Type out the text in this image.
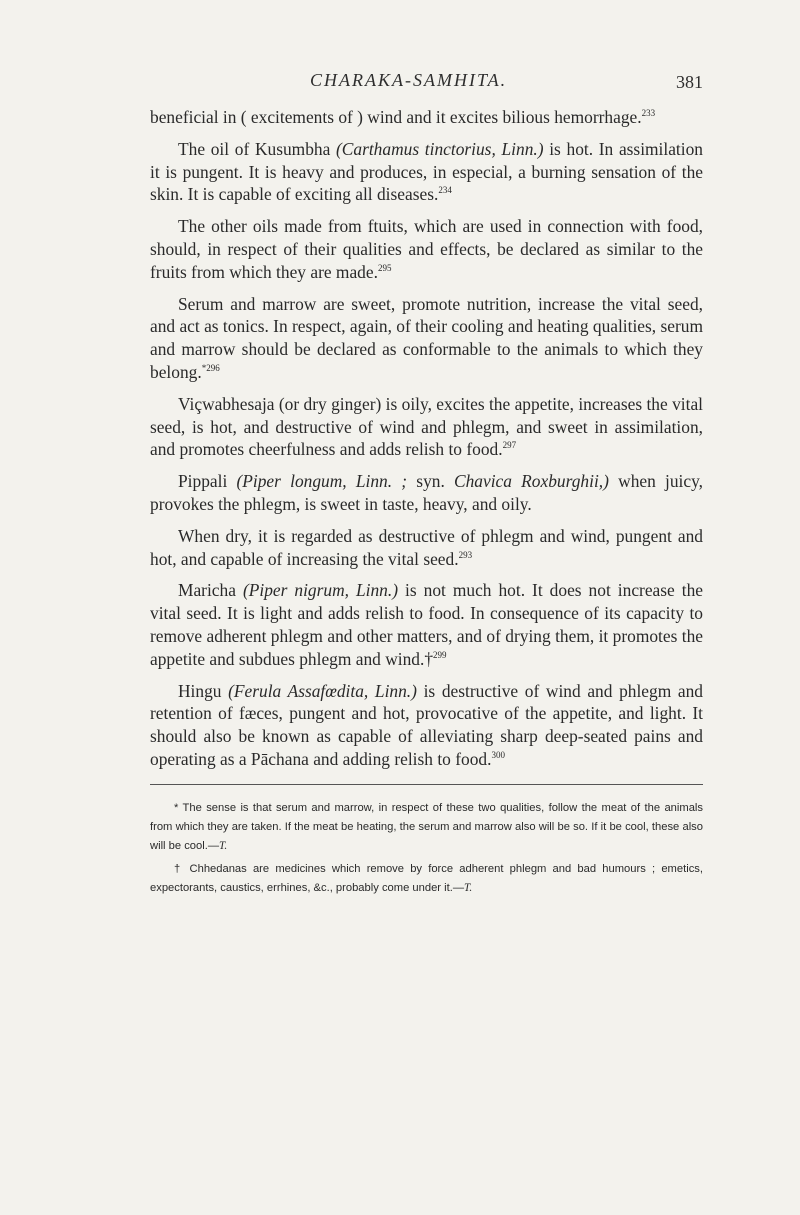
CHARAKA-SAMHITA.	381

beneficial in ( excitements of ) wind and it excites bilious hemorrhage.$^{233}$

The oil of Kusumbha (Carthamus tinctorius, Linn.) is hot. In assimilation it is pungent. It is heavy and produces, in especial, a burning sensation of the skin. It is capable of exciting all diseases.$^{234}$

The other oils made from ftuits, which are used in connection with food, should, in respect of their qualities and effects, be declared as similar to the fruits from which they are made.$^{295}$

Serum and marrow are sweet, promote nutrition, increase the vital seed, and act as tonics. In respect, again, of their cooling and heating qualities, serum and marrow should be declared as conformable to the animals to which they belong.$^{*296}$

Viçwabhesaja (or dry ginger) is oily, excites the appetite, increases the vital seed, is hot, and destructive of wind and phlegm, and sweet in assimilation, and promotes cheerfulness and adds relish to food.$^{297}$

Pippali (Piper longum, Linn. ; syn. Chavica Roxburghii,) when juicy, provokes the phlegm, is sweet in taste, heavy, and oily.

When dry, it is regarded as destructive of phlegm and wind, pungent and hot, and capable of increasing the vital seed.$^{293}$

Maricha (Piper nigrum, Linn.) is not much hot. It does not increase the vital seed. It is light and adds relish to food. In consequence of its capacity to remove adherent phlegm and other matters, and of drying them, it promotes the appetite and subdues phlegm and wind.†$^{299}$

Hingu (Ferula Assafœdita, Linn.) is destructive of wind and phlegm and retention of fæces, pungent and hot, provocative of the appetite, and light. It should also be known as capable of alleviating sharp deep-seated pains and operating as a Pāchana and adding relish to food.$^{300}$

* The sense is that serum and marrow, in respect of these two qualities, follow the meat of the animals from which they are taken. If the meat be heating, the serum and marrow also will be so. If it be cool, these also will be cool.—T.

† Chhedanas are medicines which remove by force adherent phlegm and bad humours ; emetics, expectorants, caustics, errhines, &c., probably come under it.—T.
